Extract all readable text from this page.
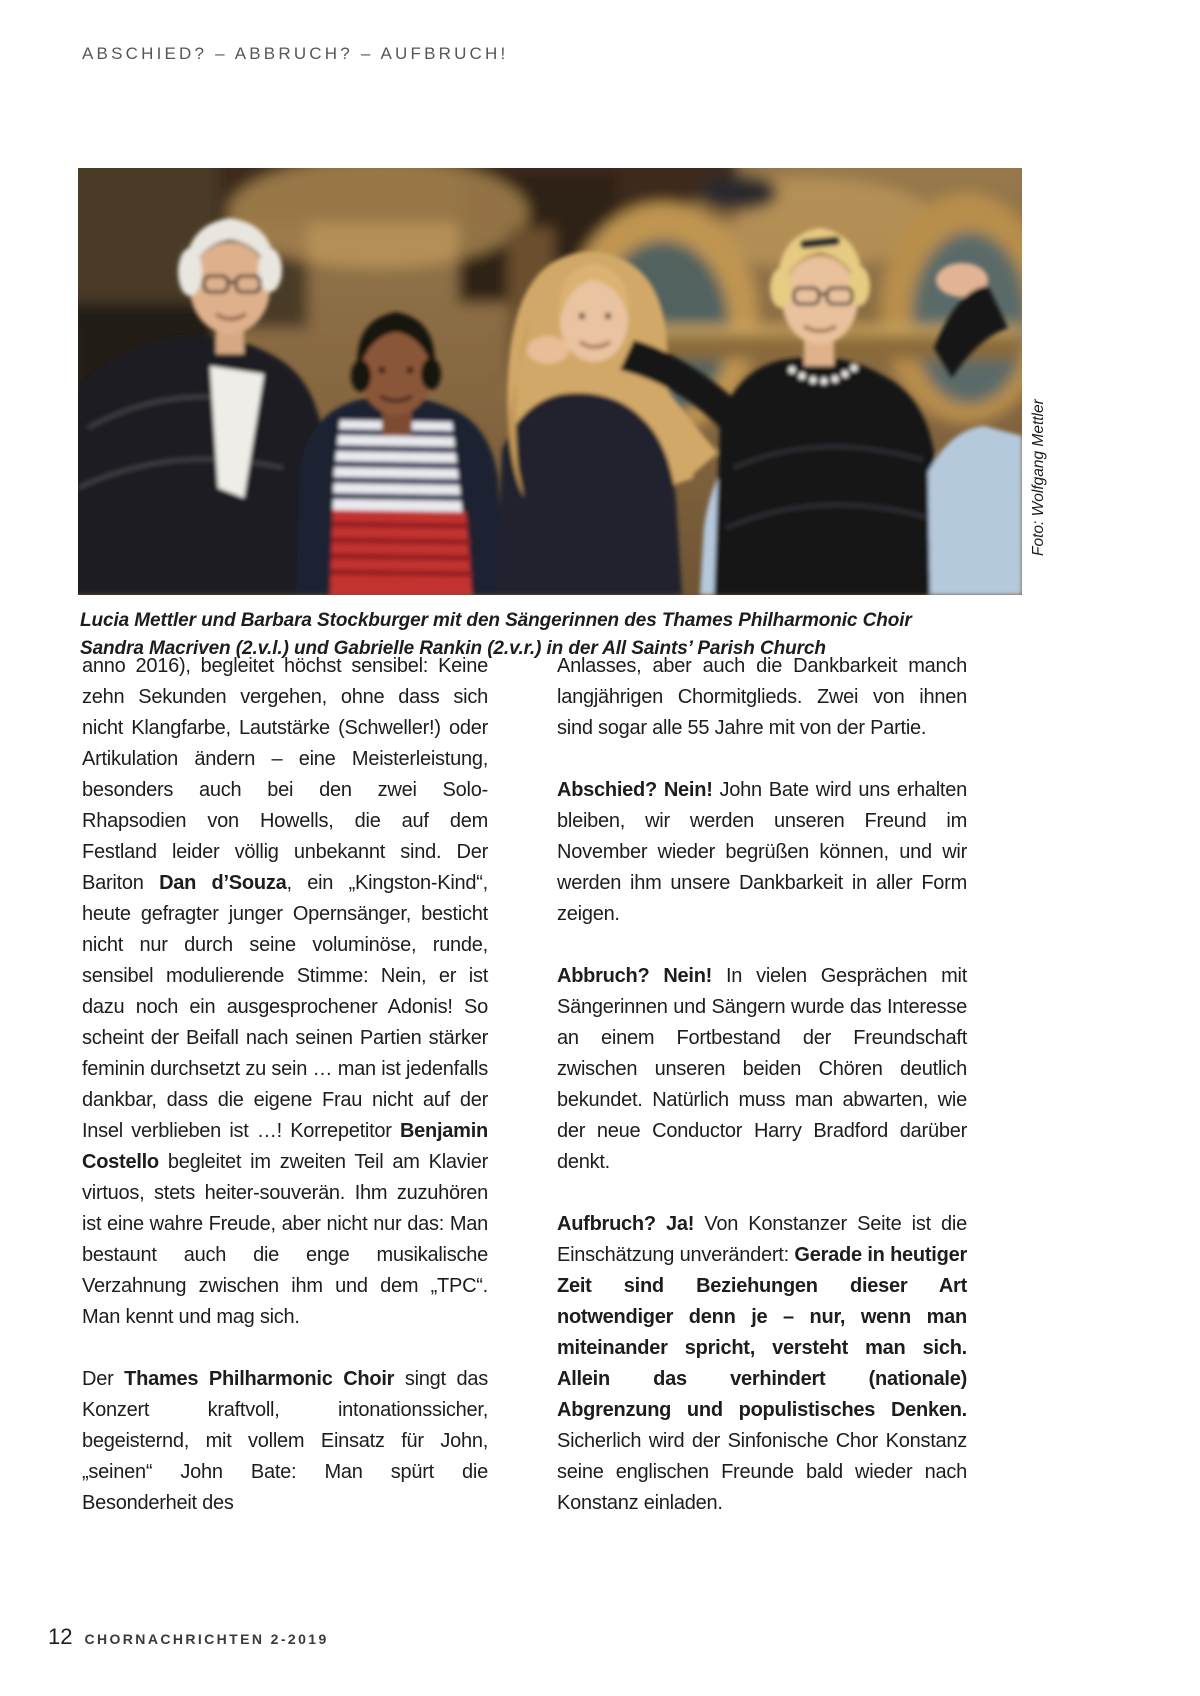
ABSCHIED? – ABBRUCH? – AUFBRUCH!
Foto: Wolfgang Mettler
Lucia Mettler und Barbara Stockburger mit den Sängerinnen des Thames Philharmonic Choir Sandra Macriven (2.v.l.) und Gabrielle Rankin (2.v.r.) in der All Saints’ Parish Church

anno 2016), begleitet höchst sensibel: Keine zehn Sekunden vergehen, ohne dass sich nicht Klangfarbe, Lautstärke (Schweller!) oder Artikulation ändern – eine Meisterleistung, besonders auch bei den zwei Solo-Rhapsodien von Howells, die auf dem Festland leider völlig unbekannt sind. Der Bariton Dan d’Souza, ein „Kingston-Kind“, heute gefragter junger Opernsänger, besticht nicht nur durch seine voluminöse, runde, sensibel modulierende Stimme: Nein, er ist dazu noch ein ausgesprochener Adonis! So scheint der Beifall nach seinen Partien stärker feminin durchsetzt zu sein … man ist jedenfalls dankbar, dass die eigene Frau nicht auf der Insel verblieben ist …! Korrepetitor Benjamin Costello begleitet im zweiten Teil am Klavier virtuos, stets heiter-souverän. Ihm zuzuhören ist eine wahre Freude, aber nicht nur das: Man bestaunt auch die enge musikalische Verzahnung zwischen ihm und dem „TPC“. Man kennt und mag sich.

Der Thames Philharmonic Choir singt das Konzert kraftvoll, intonationssicher, begeisternd, mit vollem Einsatz für John, „seinen“ John Bate: Man spürt die Besonderheit des

Anlasses, aber auch die Dankbarkeit manch langjährigen Chormitglieds. Zwei von ihnen sind sogar alle 55 Jahre mit von der Partie.

Abschied? Nein! John Bate wird uns erhalten bleiben, wir werden unseren Freund im November wieder begrüßen können, und wir werden ihm unsere Dankbarkeit in aller Form zeigen.

Abbruch? Nein! In vielen Gesprächen mit Sängerinnen und Sängern wurde das Interesse an einem Fortbestand der Freundschaft zwischen unseren beiden Chören deutlich bekundet. Natürlich muss man abwarten, wie der neue Conductor Harry Bradford darüber denkt.

Aufbruch? Ja! Von Konstanzer Seite ist die Einschätzung unverändert: Gerade in heutiger Zeit sind Beziehungen dieser Art notwendiger denn je – nur, wenn man miteinander spricht, versteht man sich. Allein das verhindert (nationale) Abgrenzung und populistisches Denken. Sicherlich wird der Sinfonische Chor Konstanz seine englischen Freunde bald wieder nach Konstanz einladen.

12 CHORNACHRICHTEN 2-2019
